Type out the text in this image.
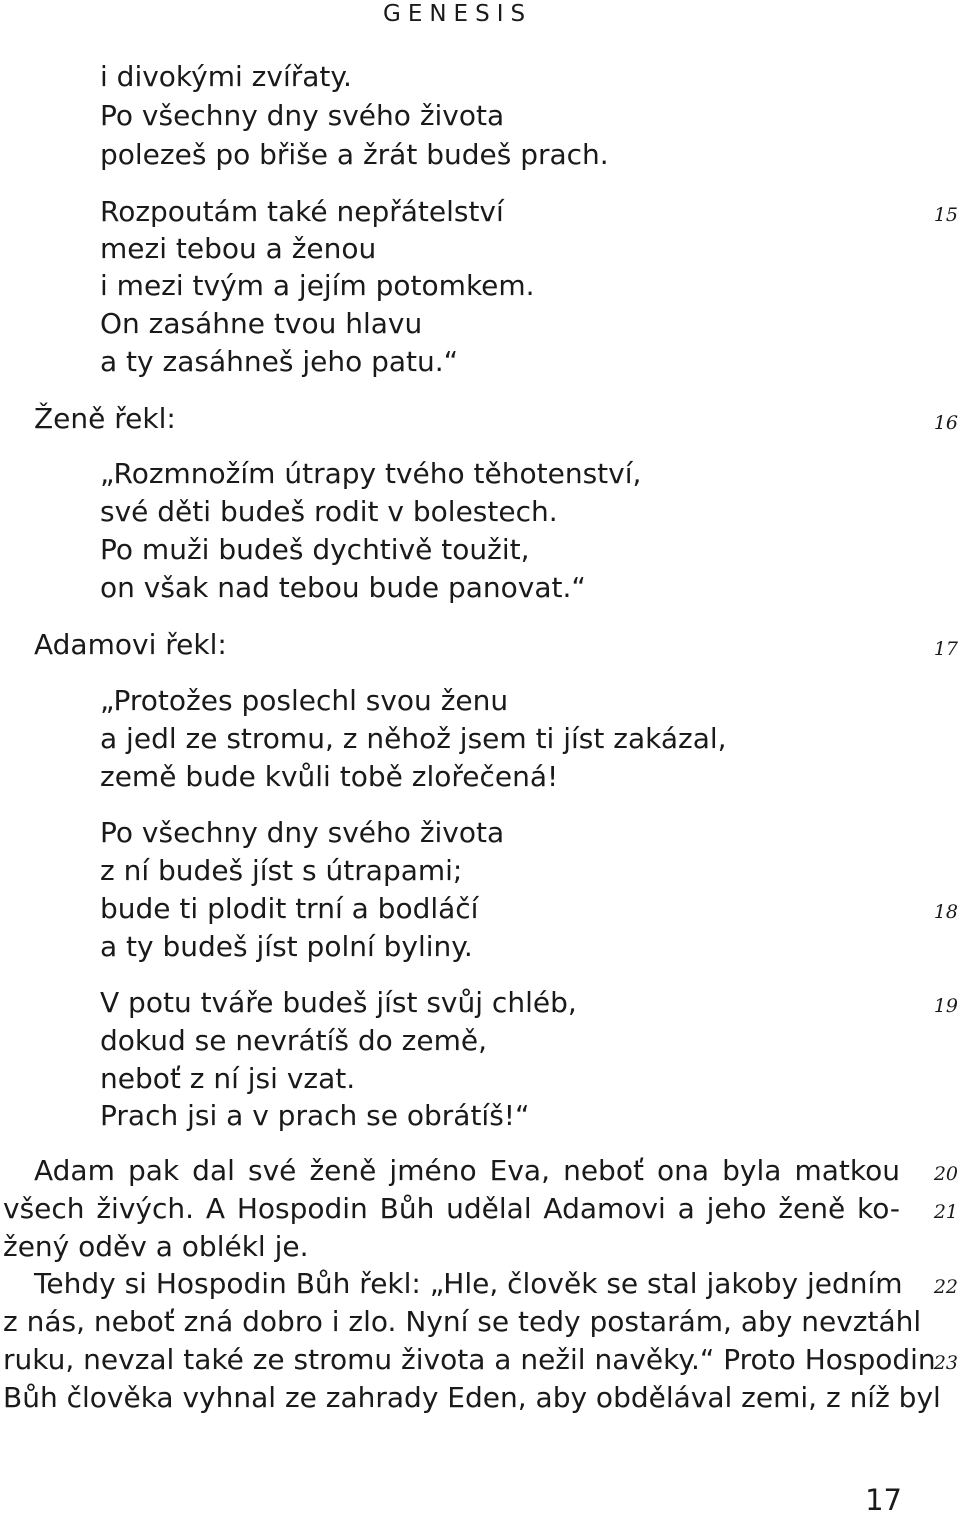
GENESIS
i divokými zvířaty.
Po všechny dny svého života
polezeš po břiše a žrát budeš prach.
Rozpoutám také nepřátelství	15
mezi tebou a ženou
i mezi tvým a jejím potomkem.
On zasáhne tvou hlavu
a ty zasáhneš jeho patu.“
Ženě řekl:	16
„Rozmnožím útrapy tvého těhotenství,
své děti budeš rodit v bolestech.
Po muži budeš dychtivě toužit,
on však nad tebou bude panovat.“
Adamovi řekl:	17
„Protožes poslechl svou ženu
a jedl ze stromu, z něhož jsem ti jíst zakázal,
země bude kvůli tobě zlořečená!
Po všechny dny svého života
z ní budeš jíst s útrapami;
bude ti plodit trní a bodláčí	18
a ty budeš jíst polní byliny.
V potu tváře budeš jíst svůj chléb,	19
dokud se nevrátíš do země,
neboť z ní jsi vzat.
Prach jsi a v prach se obrátíš!“
Adam pak dal své ženě jméno Eva, neboť ona byla matkou	20
všech živých. A Hospodin Bůh udělal Adamovi a jeho ženě ko-	21
žený oděv a oblékl je.
Tehdy si Hospodin Bůh řekl: „Hle, člověk se stal jakoby jedním	22
z nás, neboť zná dobro i zlo. Nyní se tedy postarám, aby nevztáhl
ruku, nevzal také ze stromu života a nežil navěky.“ Proto Hospodin
23
Bůh člověka vyhnal ze zahrady Eden, aby obdělával zemi, z níž byl
17
